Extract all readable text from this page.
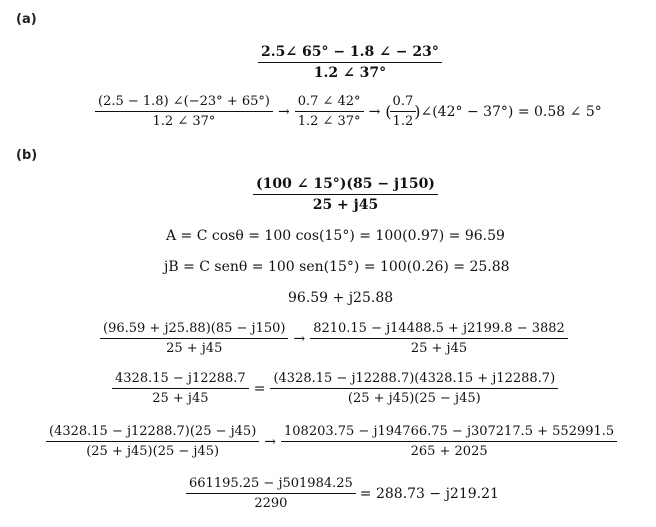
(a)
$\frac{2.5\angle 65^\circ - 1.8 \angle - 23^\circ}{1.2 \angle 37^\circ}$
$\frac{(2.5 - 1.8) \angle(-23^\circ + 65^\circ)}{1.2 \angle 37^\circ} \to \frac{0.7 \angle 42^\circ}{1.2 \angle 37^\circ}$ → (
$\frac{0.7}{1.2}$
) ∠(42° − 37°) = 0.58 ∠ 5°
(b)
$\frac{(100 \angle 15^\circ)(85 - j150)}{25 + j45}$
A = C cosθ = 100 cos(15°) = 100(0.97) = 96.59
jB = C senθ = 100 sen(15°) = 100(0.26) = 25.88
96.59 + j25.88
$\frac{(96.59 + j25.88)(85 - j150)}{25 + j45} \to \frac{8210.15 - j14488.5 + j2199.8 - 3882}{25 + j45}$
$\frac{4328.15 - j12288.7}{25 + j45} = \frac{(4328.15 - j12288.7)(4328.15 + j12288.7)}{(25 + j45)(25 - j45)}$
$\frac{(4328.15 - j12288.7)(25 - j45)}{(25 + j45)(25 - j45)} \to \frac{108203.75 - j194766.75 - j307217.5 + 552991.5}{265 + 2025}$
$\frac{661195.25 - j501984.25}{2290} = 288.73 - j219.21$
